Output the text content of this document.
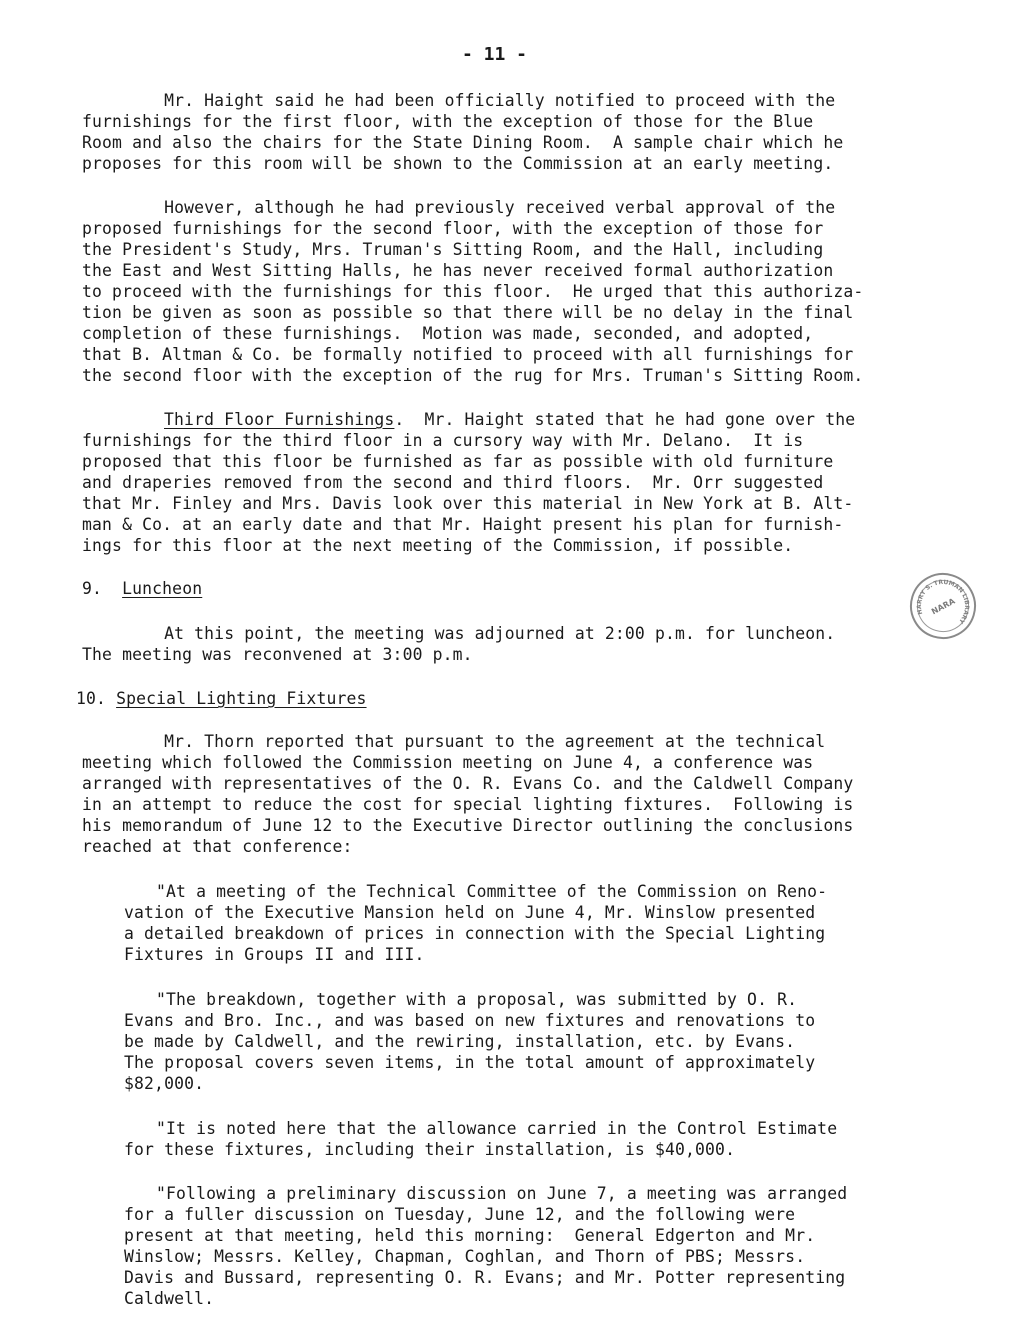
- 11 -
Mr. Haight said he had been officially notified to proceed with the
furnishings for the first floor, with the exception of those for the Blue
Room and also the chairs for the State Dining Room.  A sample chair which he
proposes for this room will be shown to the Commission at an early meeting.
However, although he had previously received verbal approval of the
proposed furnishings for the second floor, with the exception of those for
the President's Study, Mrs. Truman's Sitting Room, and the Hall, including
the East and West Sitting Halls, he has never received formal authorization
to proceed with the furnishings for this floor.  He urged that this authoriza-
tion be given as soon as possible so that there will be no delay in the final
completion of these furnishings.  Motion was made, seconded, and adopted,
that B. Altman & Co. be formally notified to proceed with all furnishings for
the second floor with the exception of the rug for Mrs. Truman's Sitting Room.
Third Floor Furnishings.  Mr. Haight stated that he had gone over the
furnishings for the third floor in a cursory way with Mr. Delano.  It is
proposed that this floor be furnished as far as possible with old furniture
and draperies removed from the second and third floors.  Mr. Orr suggested
that Mr. Finley and Mrs. Davis look over this material in New York at B. Alt-
man & Co. at an early date and that Mr. Haight present his plan for furnish-
ings for this floor at the next meeting of the Commission, if possible.
9. Luncheon
At this point, the meeting was adjourned at 2:00 p.m. for luncheon.
The meeting was reconvened at 3:00 p.m.
10. Special Lighting Fixtures
Mr. Thorn reported that pursuant to the agreement at the technical
meeting which followed the Commission meeting on June 4, a conference was
arranged with representatives of the O. R. Evans Co. and the Caldwell Company
in an attempt to reduce the cost for special lighting fixtures.  Following is
his memorandum of June 12 to the Executive Director outlining the conclusions
reached at that conference:
"At a meeting of the Technical Committee of the Commission on Reno-
vation of the Executive Mansion held on June 4, Mr. Winslow presented
a detailed breakdown of prices in connection with the Special Lighting
Fixtures in Groups II and III.
"The breakdown, together with a proposal, was submitted by O. R.
Evans and Bro. Inc., and was based on new fixtures and renovations to
be made by Caldwell, and the rewiring, installation, etc. by Evans.
The proposal covers seven items, in the total amount of approximately
$82,000.
"It is noted here that the allowance carried in the Control Estimate
for these fixtures, including their installation, is $40,000.
"Following a preliminary discussion on June 7, a meeting was arranged
for a fuller discussion on Tuesday, June 12, and the following were
present at that meeting, held this morning:  General Edgerton and Mr.
Winslow; Messrs. Kelley, Chapman, Coghlan, and Thorn of PBS; Messrs.
Davis and Bussard, representing O. R. Evans; and Mr. Potter representing
Caldwell.
HARRY S. TRUMAN LIBRARY
NARA
